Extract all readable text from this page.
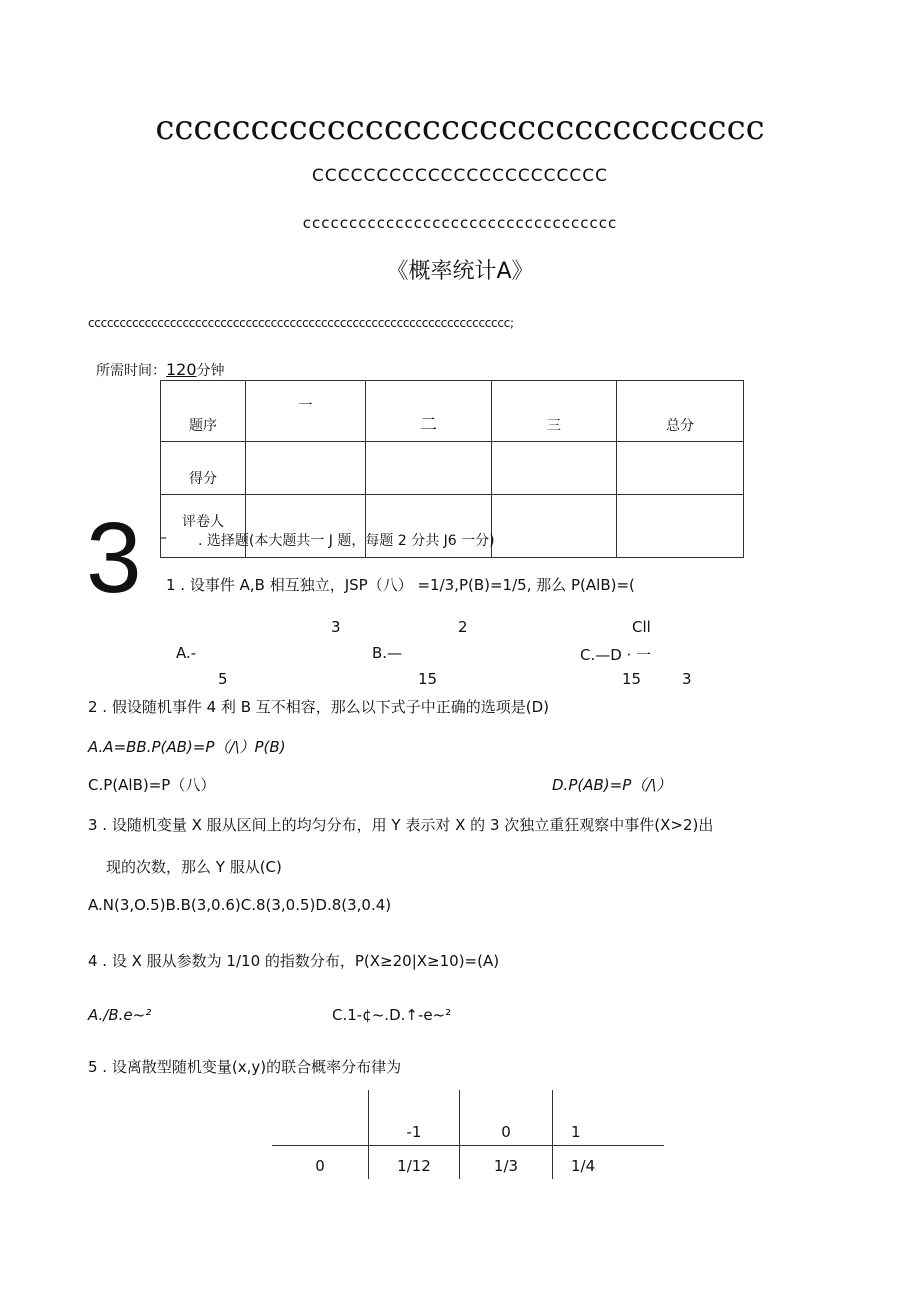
cccccccccccccccccccccccccccccccc
CCCCCCCCCCCCCCCCCCCCCCC
cccccccccccccccccccccccccccccccccc
《概率统计A》
ccccccccccccccccccccccccccccccccccccccccccccccccccccccccccccccccccc;
所需时间：120分钟
题序	一	二	三	总分
得分				
评卷人				
3 – . 选择题(本大题共一 J 题，每题 2 分共 J6 一分)
1 . 设事件 A,B 相互独立，JSP（八） =1/3,P(B)=1/5, 那么 P(AlB)=(
3	2	Cll
A.-	B.—	C.—D · 一
5	15	15	3
2 . 假设随机事件 4 利 B 互不相容，那么以下式子中正确的选项是(D)
A.A=BB.P(AB)=P（/\）P(B)
C.P(AlB)=P（八）	D.P(AB)=P（/\）
3 . 设随机变量 X 服从区间上的均匀分布，用 Y 表示对 X 的 3 次独立重狂观察中事件(X>2)出
现的次数，那么 Y 服从(C)
A.N(3,O.5)B.B(3,0.6)C.8(3,0.5)D.8(3,0.4)
4 . 设 X 服从参数为 1/10 的指数分布，P(X≥20|X≥10)=(A)
A./B.e~²	C.1-¢~.D.↑-e~²
5 . 设离散型随机变量(x,y)的联合概率分布律为
	-1	0	1
0	1/12	1/3	1/4
